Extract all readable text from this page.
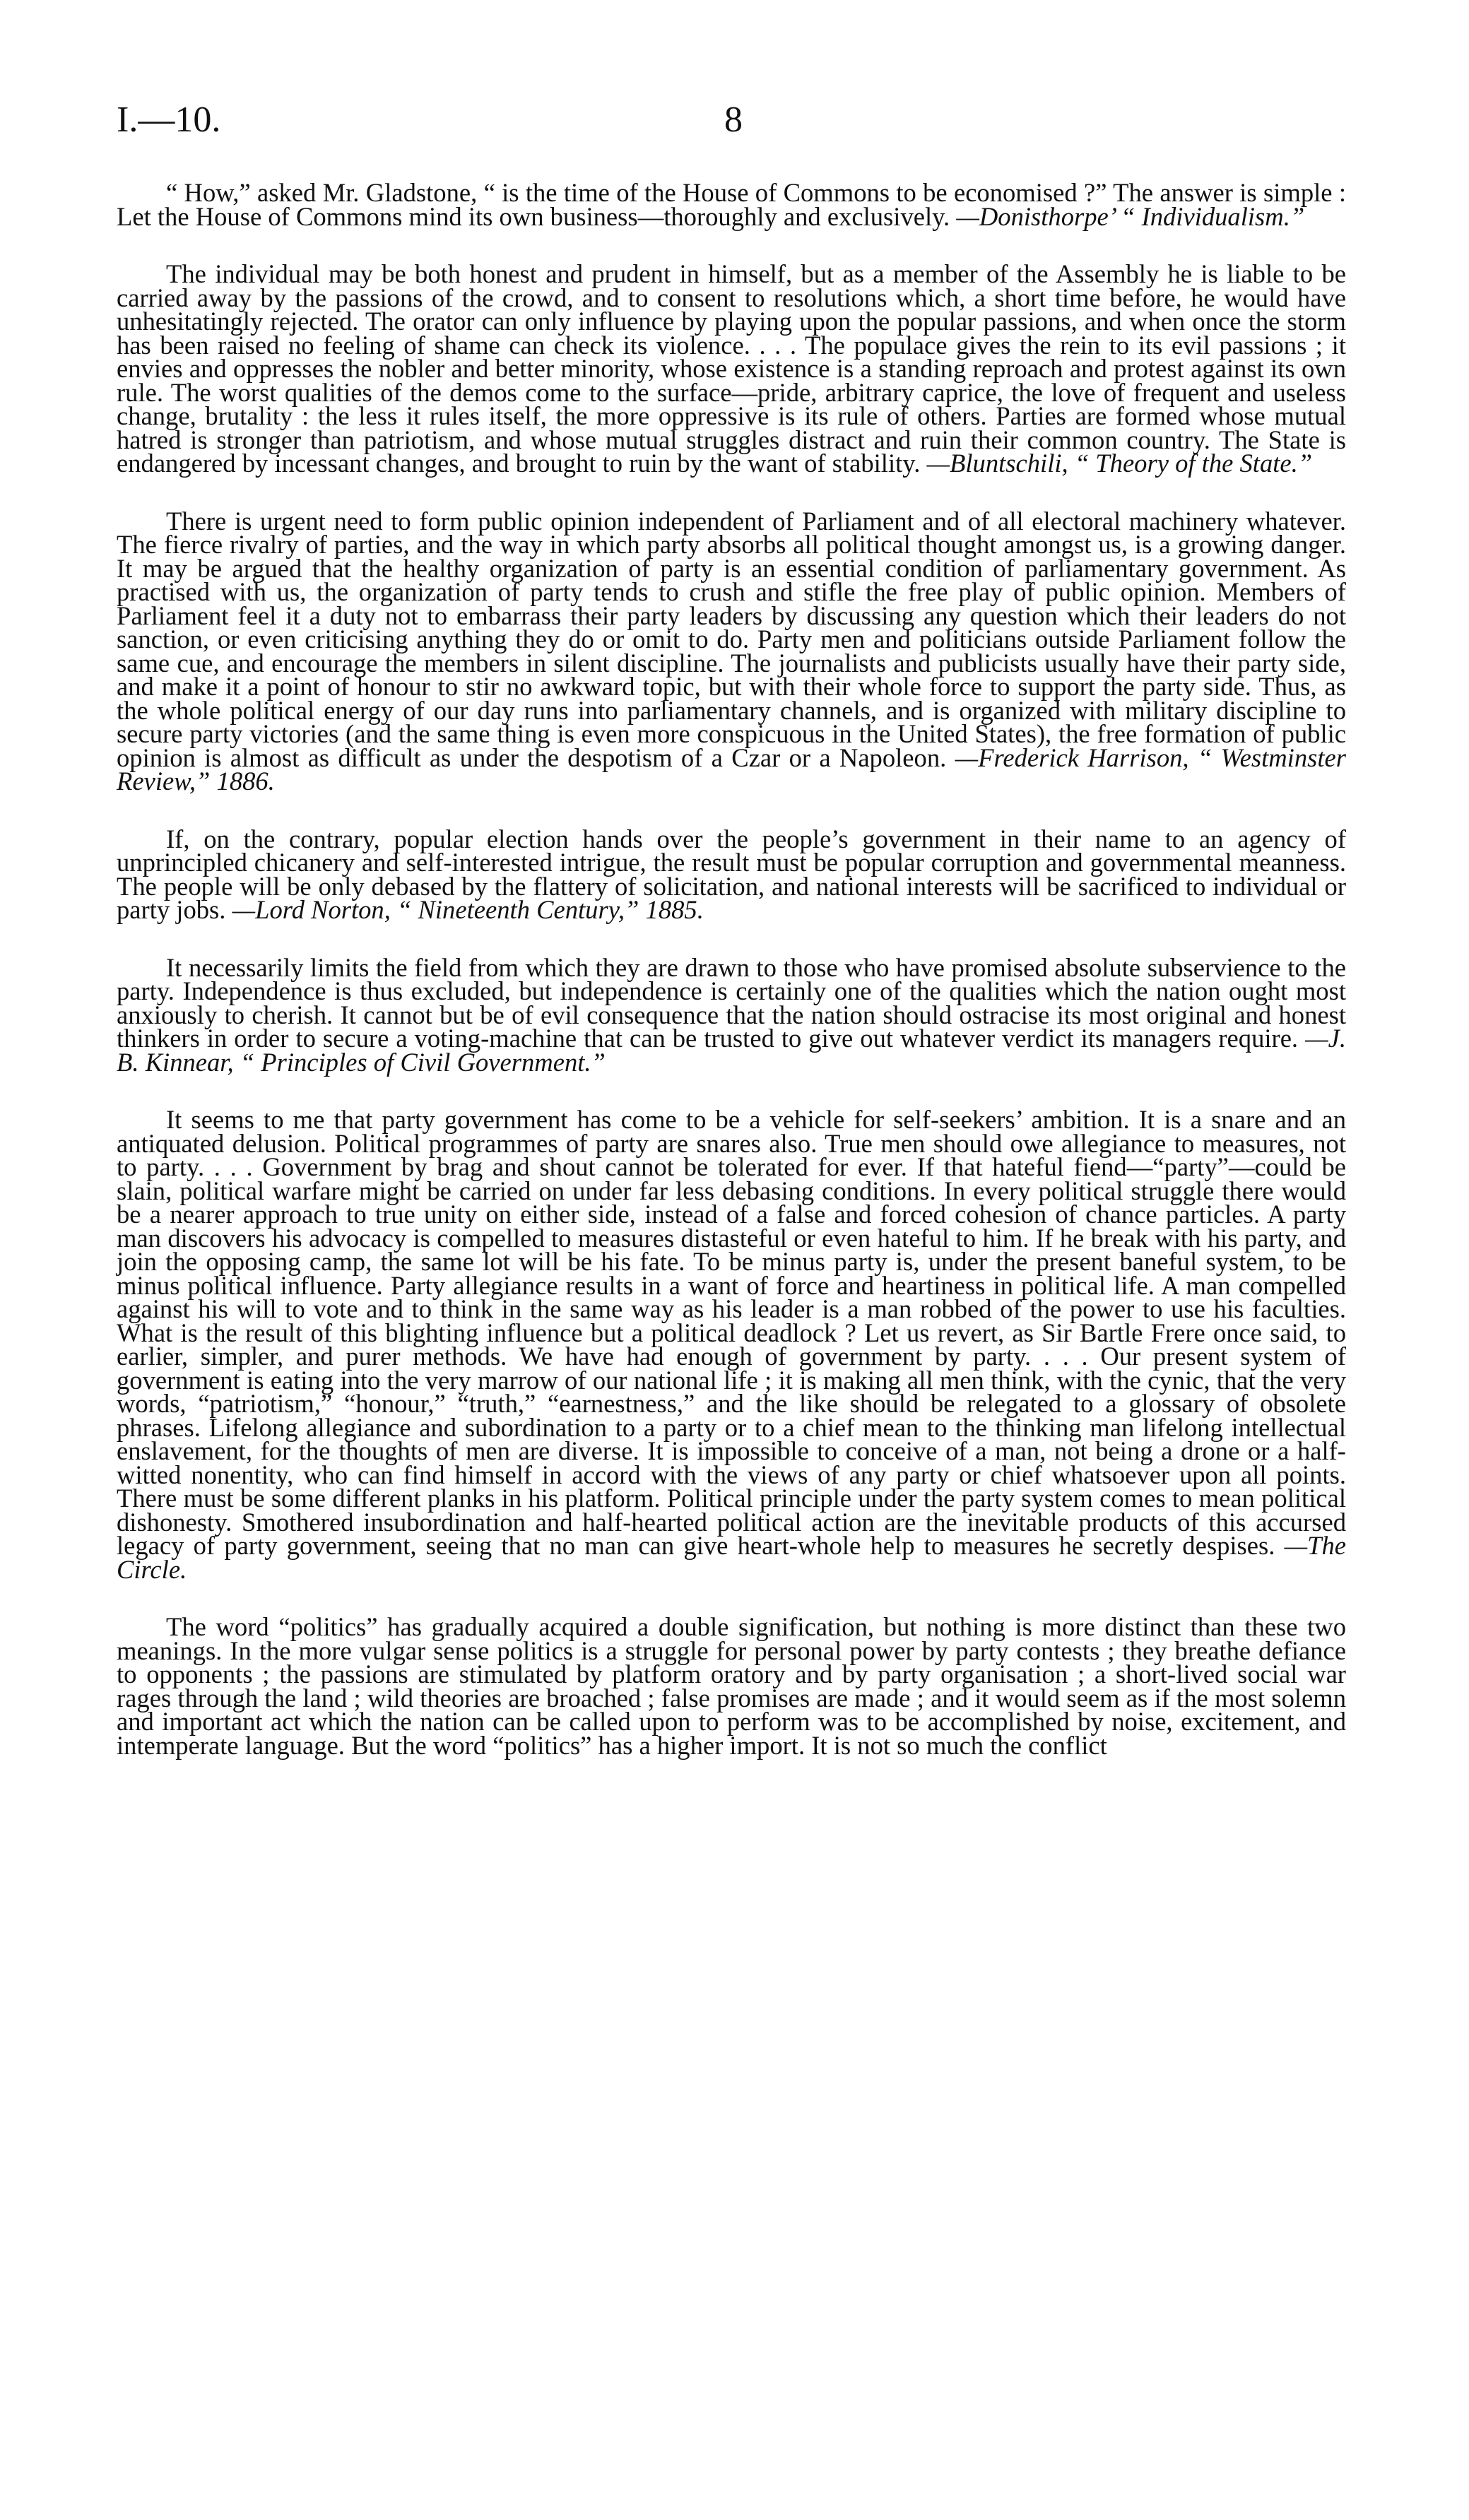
I.—10.	8

“ How,” asked Mr. Gladstone, “ is the time of the House of Commons to be economised ?” The answer is simple : Let the House of Commons mind its own business—thoroughly and exclusively. —Donisthorpe’ “ Individualism.”

The individual may be both honest and prudent in himself, but as a member of the Assembly he is liable to be carried away by the passions of the crowd, and to consent to resolutions which, a short time before, he would have unhesitatingly rejected. The orator can only influence by playing upon the popular passions, and when once the storm has been raised no feeling of shame can check its violence. . . . The populace gives the rein to its evil passions ; it envies and oppresses the nobler and better minority, whose existence is a standing reproach and protest against its own rule. The worst qualities of the demos come to the surface—pride, arbitrary caprice, the love of frequent and useless change, brutality : the less it rules itself, the more oppressive is its rule of others. Parties are formed whose mutual hatred is stronger than patriotism, and whose mutual struggles distract and ruin their common country. The State is endangered by incessant changes, and brought to ruin by the want of stability. —Bluntschili, “ Theory of the State.”

There is urgent need to form public opinion independent of Parliament and of all electoral machinery whatever. The fierce rivalry of parties, and the way in which party absorbs all political thought amongst us, is a growing danger. It may be argued that the healthy organization of party is an essential condition of parliamentary government. As practised with us, the organization of party tends to crush and stifle the free play of public opinion. Members of Parliament feel it a duty not to embarrass their party leaders by discussing any question which their leaders do not sanction, or even criticising anything they do or omit to do. Party men and politicians outside Parliament follow the same cue, and encourage the members in silent discipline. The journalists and publicists usually have their party side, and make it a point of honour to stir no awkward topic, but with their whole force to support the party side. Thus, as the whole political energy of our day runs into parliamentary channels, and is organized with military discipline to secure party victories (and the same thing is even more conspicuous in the United States), the free formation of public opinion is almost as difficult as under the despotism of a Czar or a Napoleon. —Frederick Harrison, “ Westminster Review,” 1886.

If, on the contrary, popular election hands over the people’s government in their name to an agency of unprincipled chicanery and self-interested intrigue, the result must be popular corruption and governmental meanness. The people will be only debased by the flattery of solicitation, and national interests will be sacrificed to individual or party jobs. —Lord Norton, “ Nineteenth Century,” 1885.

It necessarily limits the field from which they are drawn to those who have promised absolute subservience to the party. Independence is thus excluded, but independence is certainly one of the qualities which the nation ought most anxiously to cherish. It cannot but be of evil consequence that the nation should ostracise its most original and honest thinkers in order to secure a voting-machine that can be trusted to give out whatever verdict its managers require. —J. B. Kinnear, “ Principles of Civil Government.”

It seems to me that party government has come to be a vehicle for self-seekers’ ambition. It is a snare and an antiquated delusion. Political programmes of party are snares also. True men should owe allegiance to measures, not to party. . . . Government by brag and shout cannot be tolerated for ever. If that hateful fiend—“party”—could be slain, political warfare might be carried on under far less debasing conditions. In every political struggle there would be a nearer approach to true unity on either side, instead of a false and forced cohesion of chance particles. A party man discovers his advocacy is compelled to measures distasteful or even hateful to him. If he break with his party, and join the opposing camp, the same lot will be his fate. To be minus party is, under the present baneful system, to be minus political influence. Party allegiance results in a want of force and heartiness in political life. A man compelled against his will to vote and to think in the same way as his leader is a man robbed of the power to use his faculties. What is the result of this blighting influence but a political deadlock ? Let us revert, as Sir Bartle Frere once said, to earlier, simpler, and purer methods. We have had enough of government by party. . . . Our present system of government is eating into the very marrow of our national life ; it is making all men think, with the cynic, that the very words, “patriotism,” “honour,” “truth,” “earnestness,” and the like should be relegated to a glossary of obsolete phrases. Lifelong allegiance and subordination to a party or to a chief mean to the thinking man lifelong intellectual enslavement, for the thoughts of men are diverse. It is impossible to conceive of a man, not being a drone or a half-witted nonentity, who can find himself in accord with the views of any party or chief whatsoever upon all points. There must be some different planks in his platform. Political principle under the party system comes to mean political dishonesty. Smothered insubordination and half-hearted political action are the inevitable products of this accursed legacy of party government, seeing that no man can give heart-whole help to measures he secretly despises. —The Circle.

The word “politics” has gradually acquired a double signification, but nothing is more distinct than these two meanings. In the more vulgar sense politics is a struggle for personal power by party contests ; they breathe defiance to opponents ; the passions are stimulated by platform oratory and by party organisation ; a short-lived social war rages through the land ; wild theories are broached ; false promises are made ; and it would seem as if the most solemn and important act which the nation can be called upon to perform was to be accomplished by noise, excitement, and intemperate language. But the word “politics” has a higher import. It is not so much the conflict
